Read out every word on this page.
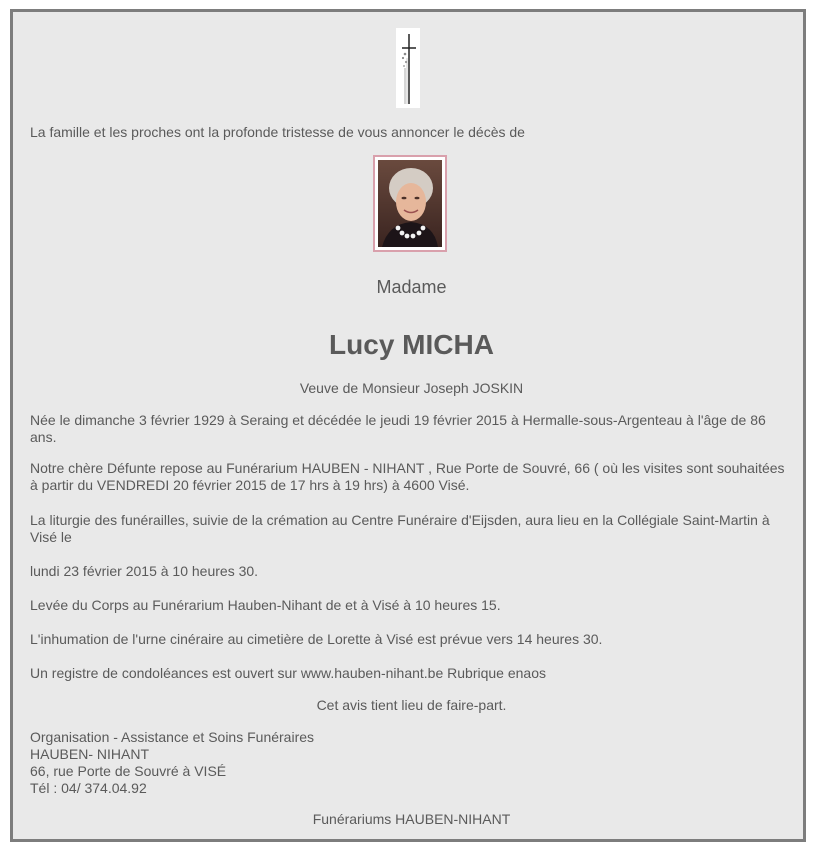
La famille et les proches ont la profonde tristesse de vous annoncer le décès de
Madame
Lucy MICHA
Veuve de Monsieur Joseph JOSKIN
Née le dimanche 3 février 1929 à Seraing et décédée le jeudi 19 février 2015 à Hermalle-sous-Argenteau à l'âge de 86 ans.
Notre chère Défunte repose au Funérarium HAUBEN - NIHANT , Rue Porte de Souvré, 66 ( où les visites sont souhaitées à partir du VENDREDI 20 février 2015 de 17 hrs à 19 hrs) à 4600 Visé.
La liturgie des funérailles, suivie de la crémation au Centre Funéraire d'Eijsden, aura lieu en la Collégiale Saint-Martin à Visé le
lundi 23 février 2015 à 10 heures 30.
Levée du Corps au Funérarium Hauben-Nihant de et à Visé à 10 heures 15.
L'inhumation de l'urne cinéraire au cimetière de Lorette à Visé est prévue vers 14 heures 30.
Un registre de condoléances est ouvert sur www.hauben-nihant.be Rubrique enaos
Cet avis tient lieu de faire-part.
Organisation - Assistance et Soins Funéraires
HAUBEN- NIHANT
66, rue Porte de Souvré à VISÉ
Tél : 04/ 374.04.92
Funérariums HAUBEN-NIHANT
